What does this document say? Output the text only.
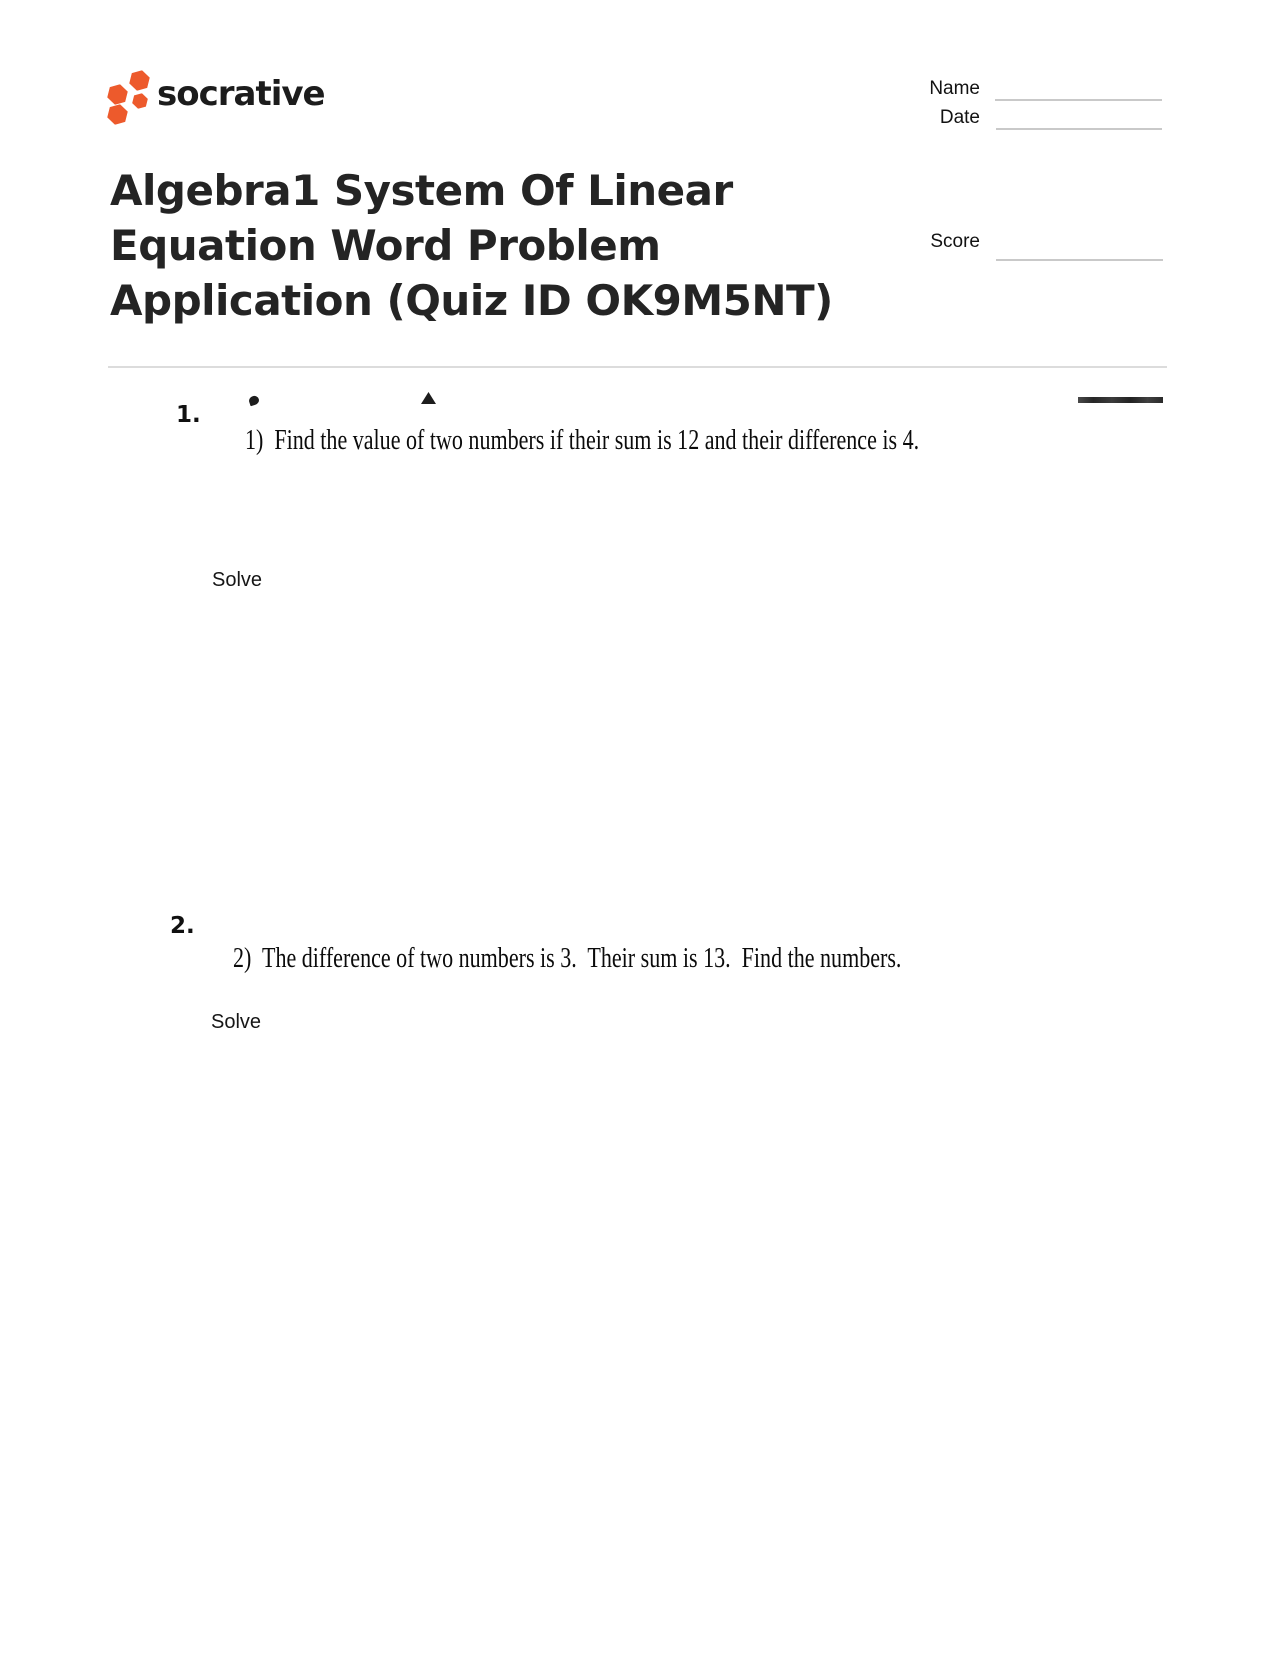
socrative	Name
Date
Algebra1 System Of Linear
Equation Word Problem
Application (Quiz ID OK9M5NT)
Score
1.
1)  Find the value of two numbers if their sum is 12 and their difference is 4.
Solve
2.
2)  The difference of two numbers is 3.  Their sum is 13.  Find the numbers.
Solve
